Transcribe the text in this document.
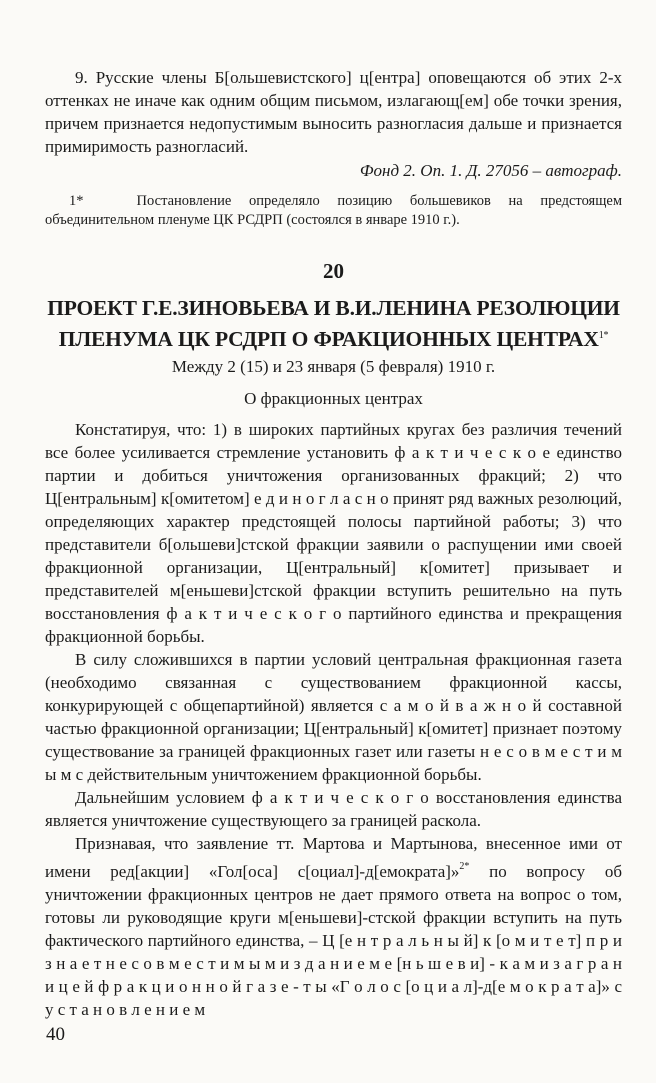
9. Русские члены Б[ольшевистского] ц[ентра] оповещаются об этих 2-х оттенках не иначе как одним общим письмом, излагающ[ем] обе точки зрения, причем признается недопустимым выносить разногласия дальше и признается примиримость разногласий.

Фонд 2. Оп. 1. Д. 27056 – автограф.

1*	Постановление определяло позицию большевиков на предстоящем объединительном пленуме ЦК РСДРП (состоялся в январе 1910 г.).

20
ПРОЕКТ Г.Е.ЗИНОВЬЕВА И В.И.ЛЕНИНА РЕЗОЛЮЦИИ ПЛЕНУМА ЦК РСДРП О ФРАКЦИОННЫХ $ЦЕНТРАХ^{1*}$
Между 2 (15) и 23 января (5 февраля) 1910 г.
О фракционных центрах

Констатируя, что: 1) в широких партийных кругах без различия течений все более усиливается стремление установить ф а к т и ч е с к о е единство партии и добиться уничтожения организованных фракций; 2) что Ц[ентральным] к[омитетом] е д и н о г л а с н о принят ряд важных резолюций, определяющих характер предстоящей полосы партийной работы; 3) что представители б[ольшеви]стской фракции заявили о распущении ими своей фракционной организации, Ц[ентральный] к[омитет] призывает и представителей м[еньшеви]стской фракции вступить решительно на путь восстановления ф а к т и ч е с к о г о партийного единства и прекращения фракционной борьбы.

В силу сложившихся в партии условий центральная фракционная газета (необходимо связанная с существованием фракционной кассы, конкурирующей с общепартийной) является с а м о й в а ж н о й составной частью фракционной организации; Ц[ентральный] к[омитет] признает поэтому существование за границей фракционных газет или газеты н е с о в м е с т и м ы м с действительным уничтожением фракционной борьбы.

Дальнейшим условием ф а к т и ч е с к о г о восстановления единства является уничтожение существующего за границей раскола.

Признавая, что заявление тт. Мартова и Мартынова, внесенное ими от имени ред[акции] «Гол[оса] с[оциал]-д[емократа]»$^{2*}$ по вопросу об уничтожении фракционных центров не дает прямого ответа на вопрос о том, готовы ли руководящие круги м[еньшеви]-стской фракции вступить на путь фактического партийного единства, – Ц [е н т р а л ь н ы й] к [о м и т е т] п р и з н а е т н е с о в м е с т и м ы м и з д а н и е м е [н ь ш е в и] - к а м и з а г р а н и ц е й ф р а к ц и о н н о й г а з е - т ы «Г о л о с [о ц и а л]-д[е м о к р а т а]» с у с т а н о в л е н и е м

40
